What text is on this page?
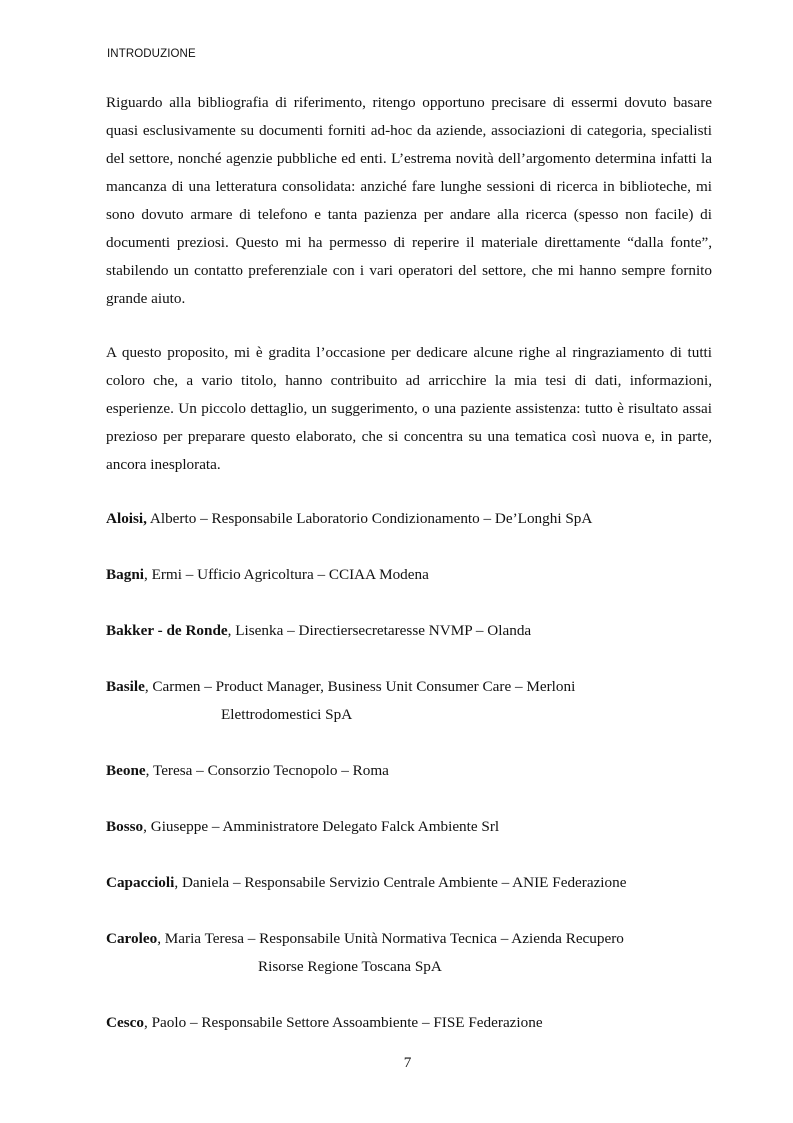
INTRODUZIONE

Riguardo alla bibliografia di riferimento, ritengo opportuno precisare di essermi dovuto basare quasi esclusivamente su documenti forniti ad-hoc da aziende, associazioni di categoria, specialisti del settore, nonché agenzie pubbliche ed enti. L’estrema novità dell’argomento determina infatti la mancanza di una letteratura consolidata: anziché fare lunghe sessioni di ricerca in biblioteche, mi sono dovuto armare di telefono e tanta pazienza per andare alla ricerca (spesso non facile) di documenti preziosi. Questo mi ha permesso di reperire il materiale direttamente “dalla fonte”, stabilendo un contatto preferenziale con i vari operatori del settore, che mi hanno sempre fornito grande aiuto.

A questo proposito, mi è gradita l’occasione per dedicare alcune righe al ringraziamento di tutti coloro che, a vario titolo, hanno contribuito ad arricchire la mia tesi di dati, informazioni, esperienze. Un piccolo dettaglio, un suggerimento, o una paziente assistenza: tutto è risultato assai prezioso per preparare questo elaborato, che si concentra su una tematica così nuova e, in parte, ancora inesplorata.

Aloisi, Alberto – Responsabile Laboratorio Condizionamento – De’Longhi SpA
Bagni, Ermi – Ufficio Agricoltura – CCIAA Modena
Bakker - de Ronde, Lisenka – Directiersecretaresse NVMP – Olanda
Basile, Carmen – Product Manager, Business Unit Consumer Care – Merloni
Elettrodomestici SpA
Beone, Teresa – Consorzio Tecnopolo – Roma
Bosso, Giuseppe – Amministratore Delegato Falck Ambiente Srl
Capaccioli, Daniela – Responsabile Servizio Centrale Ambiente – ANIE Federazione
Caroleo, Maria Teresa – Responsabile Unità Normativa Tecnica – Azienda Recupero
Risorse Regione Toscana SpA
Cesco, Paolo – Responsabile Settore Assoambiente – FISE Federazione
7
